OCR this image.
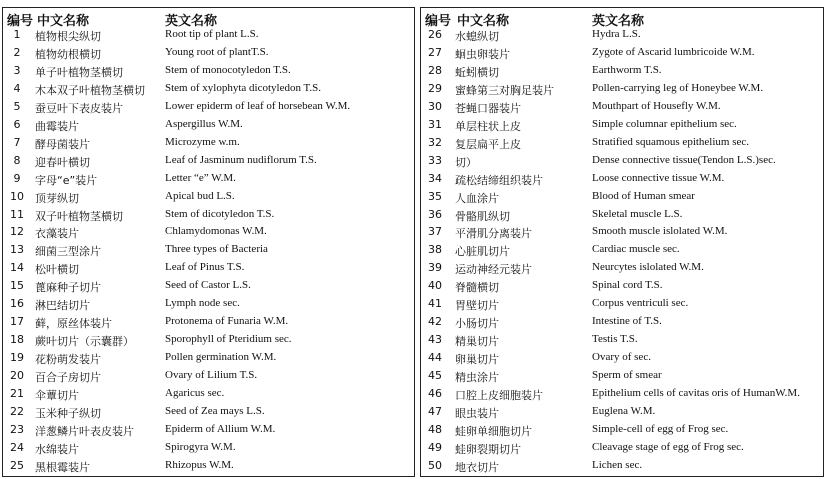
编号 中文名称	英文名称
1	植物根尖纵切	Root tip of plant L.S.
2	植物幼根横切	Young root of plantT.S.
3	单子叶植物茎横切	Stem of monocotyledon T.S.
4	木本双子叶植物茎横切 Stem of xylophyta dicotyledon T.S.
5	蚕豆叶下表皮装片	Lower epiderm of leaf of horsebean W.M.
6	曲霉装片	Aspergillus W.M.
7	酵母菌装片	Microzyme w.m.
8	迎春叶横切	Leaf of Jasminum nudiflorum T.S.
9	字母“e”装片	Letter “e” W.M.
10	顶芽纵切	Apical bud L.S.
11	双子叶植物茎横切	Stem of dicotyledon T.S.
12	衣藻装片	Chlamydomonas W.M.
13	细菌三型涂片	Three types of Bacteria
14	松叶横切	Leaf of Pinus T.S.
15	蓖麻种子切片	Seed of Castor L.S.
16	淋巴结切片	Lymph node sec.
17	藓，原丝体装片	Protonema of Funaria W.M.
18	蕨叶切片（示囊群）	Sporophyll of Pteridium sec.
19	花粉萌发装片	Pollen germination W.M.
20	百合子房切片	Ovary of Lilium T.S.
21	伞蕈切片	Agaricus sec.
22	玉米种子纵切	Seed of Zea mays L.S.
23	洋葱鳞片叶表皮装片	Epiderm of Allium W.M.
24	水绵装片	Spirogyra W.M.
25	黑根霉装片	Rhizopus W.M.
编号 中文名称	英文名称
26	水螅纵切	Hydra L.S.
27	蛔虫卵装片	Zygote of Ascarid lumbricoide W.M.
28	蚯蚓横切	Earthworm T.S.
29	蜜蜂第三对胸足装片	Pollen-carrying leg of Honeybee W.M.
30	苍蝇口器装片	Mouthpart of Housefly W.M.
31	单层柱状上皮	Simple columnar epithelium sec.
32	复层扁平上皮	Stratified squamous epithelium sec.
33	切）	Dense connective tissue(Tendon L.S.)sec.
34	疏松结缔组织装片	Loose connective tissue W.M.
35	人血涂片	Blood of Human smear
36	骨骼肌纵切	Skeletal muscle L.S.
37	平滑肌分离装片	Smooth muscle islolated W.M.
38	心脏肌切片	Cardiac muscle sec.
39	运动神经元装片	Neurcytes islolated W.M.
40	脊髓横切	Spinal cord T.S.
41	胃壁切片	Corpus ventriculi sec.
42	小肠切片	Intestine of T.S.
43	精巢切片	Testis T.S.
44	卵巢切片	Ovary of sec.
45	精虫涂片	Sperm of smear
46	口腔上皮细胞装片	Epithelium cells of cavitas oris of HumanW.M.
47	眼虫装片	Euglena W.M.
48	蛙卵单细胞切片	Simple-cell of egg of Frog sec.
49	蛙卵裂期切片	Cleavage stage of egg of Frog sec.
50	地衣切片	Lichen sec.
